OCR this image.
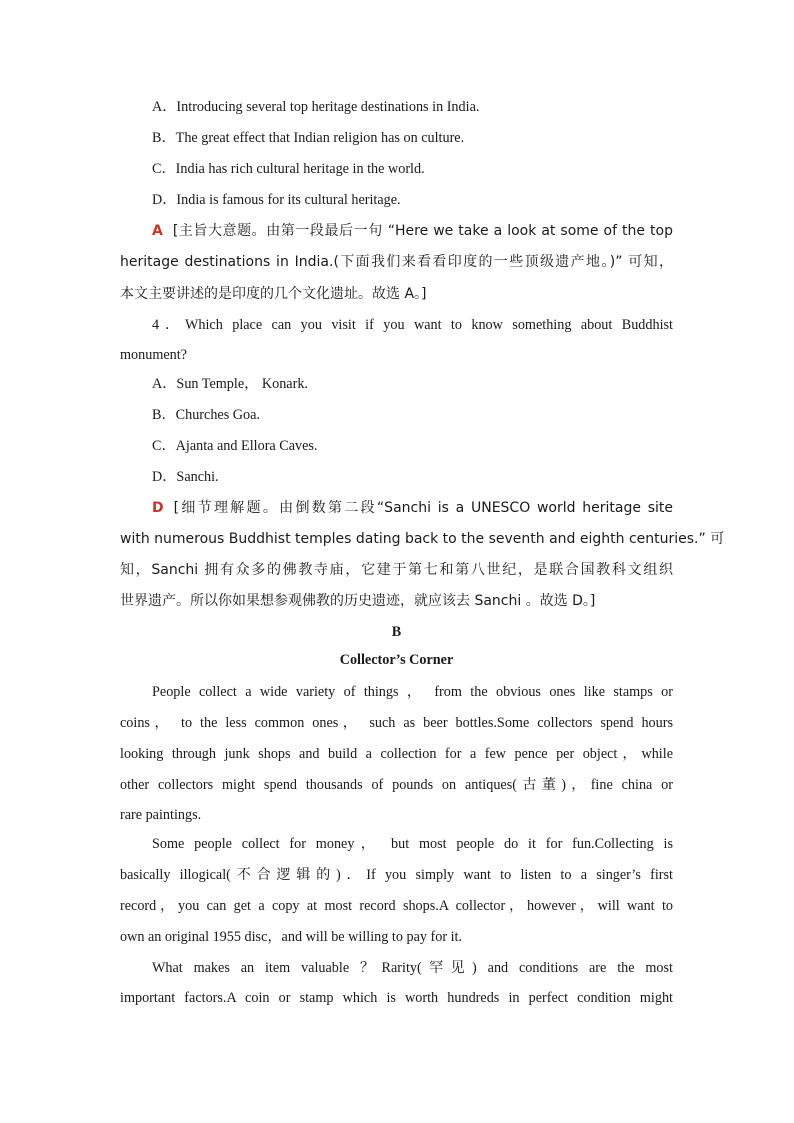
A．Introducing several top heritage destinations in India.
B．The great effect that Indian religion has on culture.
C．India has rich cultural heritage in the world.
D．India is famous for its cultural heritage.
A [主旨大意题。由第一段最后一句 “Here we take a look at some of the top
heritage destinations in India.(下面我们来看看印度的一些顶级遗产地。)” 可知，
本文主要讲述的是印度的几个文化遗址。故选 A。]
4．Which place can you visit if you want to know something about Buddhist
monument?
A．Sun Temple， Konark.
B．Churches Goa.
C．Ajanta and Ellora Caves.
D．Sanchi.
D [细节理解题。由倒数第二段“Sanchi is a UNESCO world heritage site
with numerous Buddhist temples dating back to the seventh and eighth centuries.” 可
知，Sanchi 拥有众多的佛教寺庙，它建于第七和第八世纪，是联合国教科文组织
世界遗产。所以你如果想参观佛教的历史遗迹，就应该去 Sanchi 。故选 D。]
B
Collector’s Corner
People collect a wide variety of things ， from the obvious ones like stamps or
coins， to the less common ones， such as beer bottles.Some collectors spend hours
looking through junk shops and build a collection for a few pence per object，while
other collectors might spend thousands of pounds on antiques(古董)，fine china or
rare paintings.
Some people collect for money， but most people do it for fun.Collecting is
basically illogical(不合逻辑的)．If you simply want to listen to a singer’s first
record，you can get a copy at most record shops.A collector，however，will want to
own an original 1955 disc，and will be willing to pay for it.
What makes an item valuable ？Rarity(罕见) and conditions are the most
important factors.A coin or stamp which is worth hundreds in perfect condition might
